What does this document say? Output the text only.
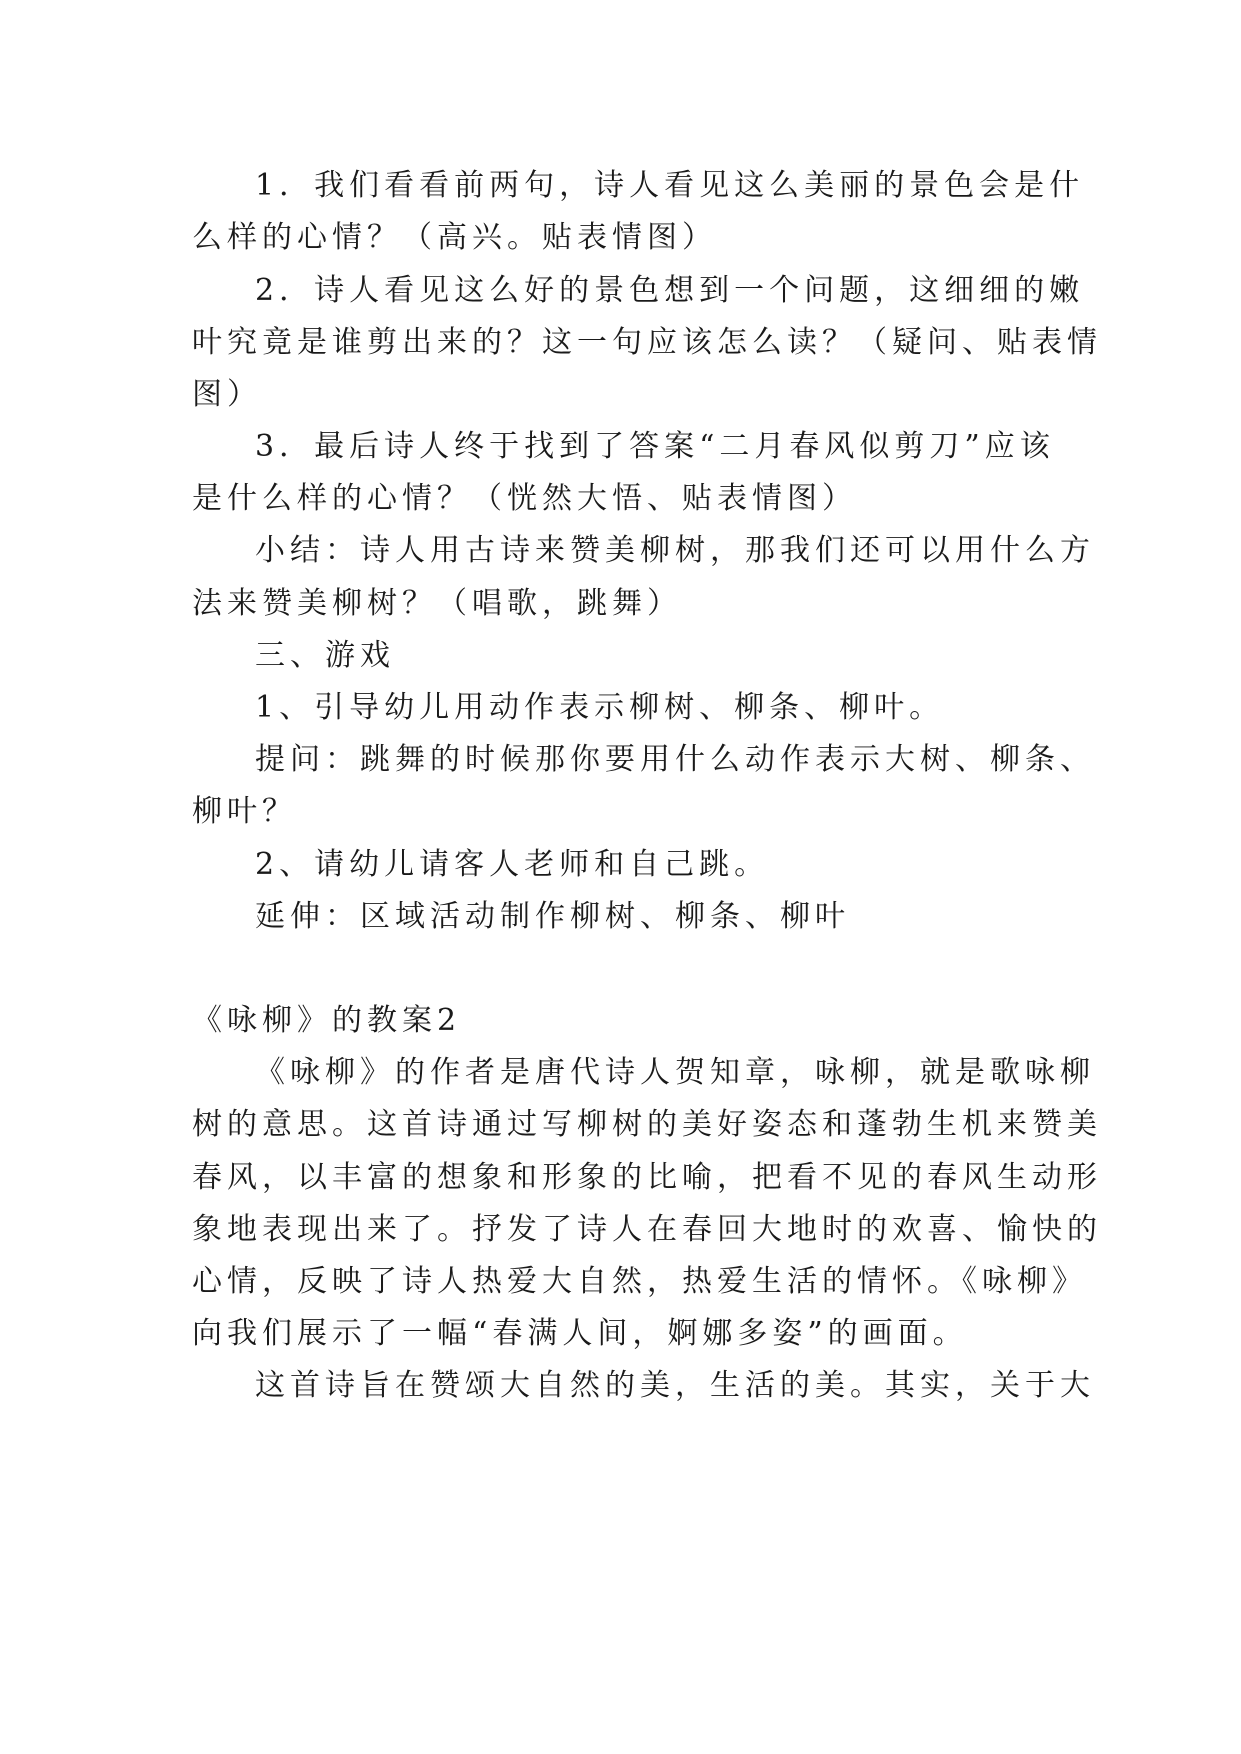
1．我们看看前两句，诗人看见这么美丽的景色会是什
么样的心情？（高兴。贴表情图）
2．诗人看见这么好的景色想到一个问题，这细细的嫩
叶究竟是谁剪出来的？这一句应该怎么读？（疑问、贴表情
图）
3．最后诗人终于找到了答案“二月春风似剪刀”应该
是什么样的心情？（恍然大悟、贴表情图）
小结：诗人用古诗来赞美柳树，那我们还可以用什么方
法来赞美柳树？（唱歌，跳舞）
三、游戏
1、引导幼儿用动作表示柳树、柳条、柳叶。
提问：跳舞的时候那你要用什么动作表示大树、柳条、
柳叶？
2、请幼儿请客人老师和自己跳。
延伸：区域活动制作柳树、柳条、柳叶
《咏柳》的教案2
《咏柳》的作者是唐代诗人贺知章，咏柳，就是歌咏柳
树的意思。这首诗通过写柳树的美好姿态和蓬勃生机来赞美
春风，以丰富的想象和形象的比喻，把看不见的春风生动形
象地表现出来了。抒发了诗人在春回大地时的欢喜、愉快的
心情，反映了诗人热爱大自然，热爱生活的情怀。《咏柳》
向我们展示了一幅“春满人间，婀娜多姿”的画面。
这首诗旨在赞颂大自然的美，生活的美。其实，关于大
